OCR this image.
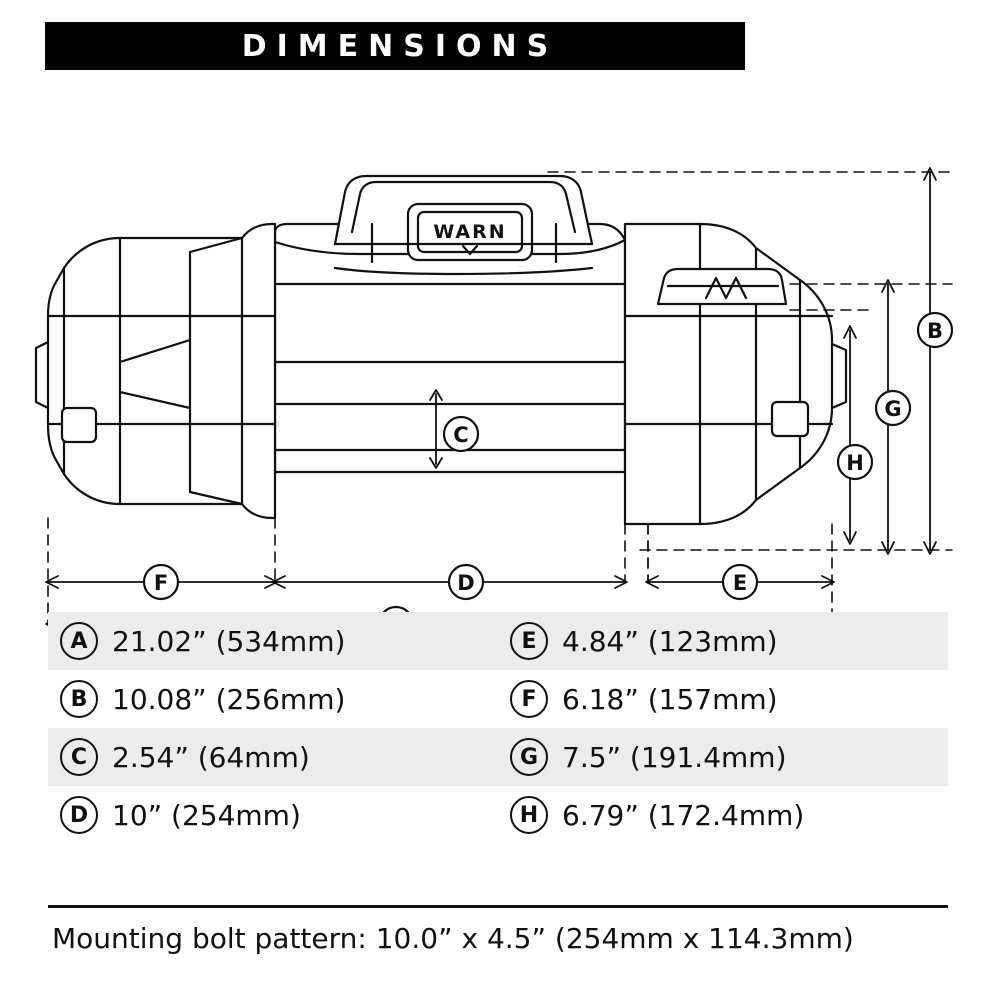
DIMENSIONS
WARN
C
H
G
B
F	D	E
A 21.02” (534mm)	E 4.84” (123mm)
B 10.08” (256mm)	F 6.18” (157mm)
C 2.54” (64mm)	G 7.5” (191.4mm)
D 10” (254mm)	H 6.79” (172.4mm)
Mounting bolt pattern: 10.0” x 4.5” (254mm x 114.3mm)
